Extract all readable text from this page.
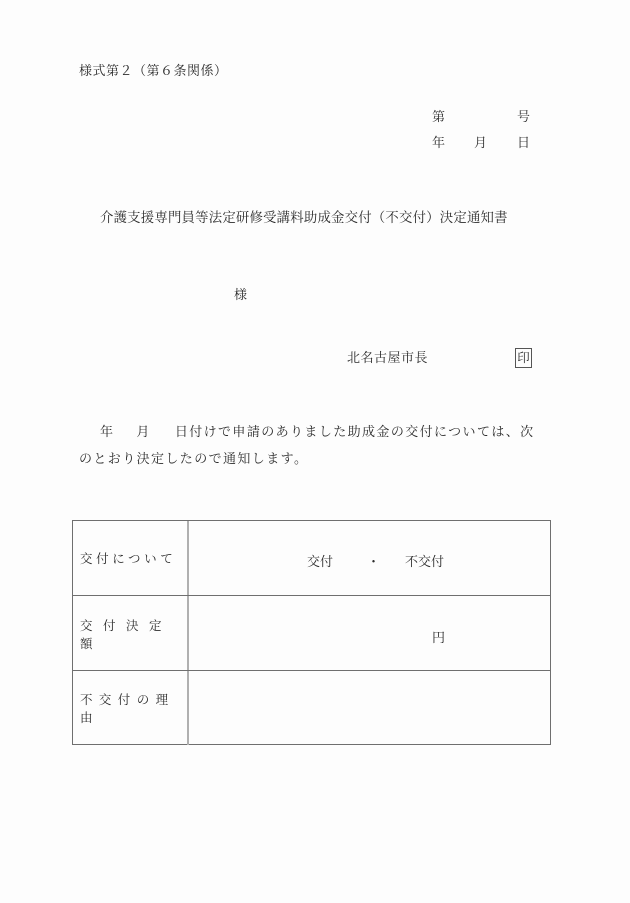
様式第２（第６条関係）
第	号
年 月 日
介護支援専門員等法定研修受講料助成金交付（不交付）決定通知書
様
北名古屋市長	印
年 月 日付けで申請のありました助成金の交付については、次
のとおり決定したので通知します。
交付について	交付	・ 不交付
交付決定額	円
不交付の理由
